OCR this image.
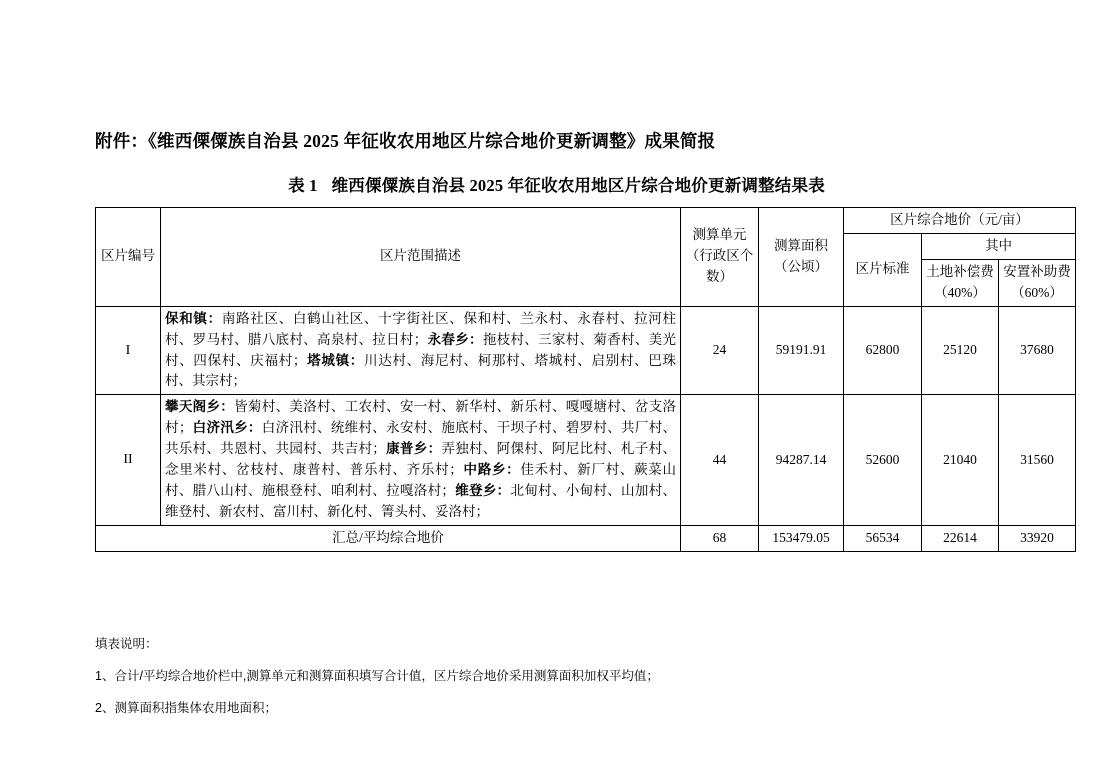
附件：《维西傈僳族自治县 2025 年征收农用地区片综合地价更新调整》成果简报
表 1 维西傈僳族自治县 2025 年征收农用地区片综合地价更新调整结果表
区片编号	区片范围描述	测算单元（行政区个数）	测算面积（公顷）	区片综合地价（元/亩）		
				区片标准	其中	
					土地补偿费（40%）	安置补助费（60%）
I	保和镇：南路社区、白鹤山社区、十字街社区、保和村、兰永村、永春村、拉河柱村、罗马村、腊八底村、高泉村、拉日村；永春乡：拖枝村、三家村、菊香村、美光村、四保村、庆福村；塔城镇：川达村、海尼村、柯那村、塔城村、启别村、巴珠村、其宗村；	24	59191.91	62800	25120	37680
II	攀天阁乡：皆菊村、美洛村、工农村、安一村、新华村、新乐村、嘎嘎塘村、岔支洛村；白济汛乡：白济汛村、统维村、永安村、施底村、干坝子村、碧罗村、共厂村、共乐村、共恩村、共园村、共吉村；康普乡：弄独村、阿倮村、阿尼比村、札子村、念里米村、岔枝村、康普村、普乐村、齐乐村；中路乡：佳禾村、新厂村、蕨菜山村、腊八山村、施根登村、咱利村、拉嘎洛村；维登乡：北甸村、小甸村、山加村、维登村、新农村、富川村、新化村、箐头村、妥洛村；	44	94287.14	52600	21040	31560
汇总/平均综合地价		68	153479.05	56534	22614	33920
填表说明：
1、合计/平均综合地价栏中,测算单元和测算面积填写合计值，区片综合地价采用测算面积加权平均值；
2、测算面积指集体农用地面积；
